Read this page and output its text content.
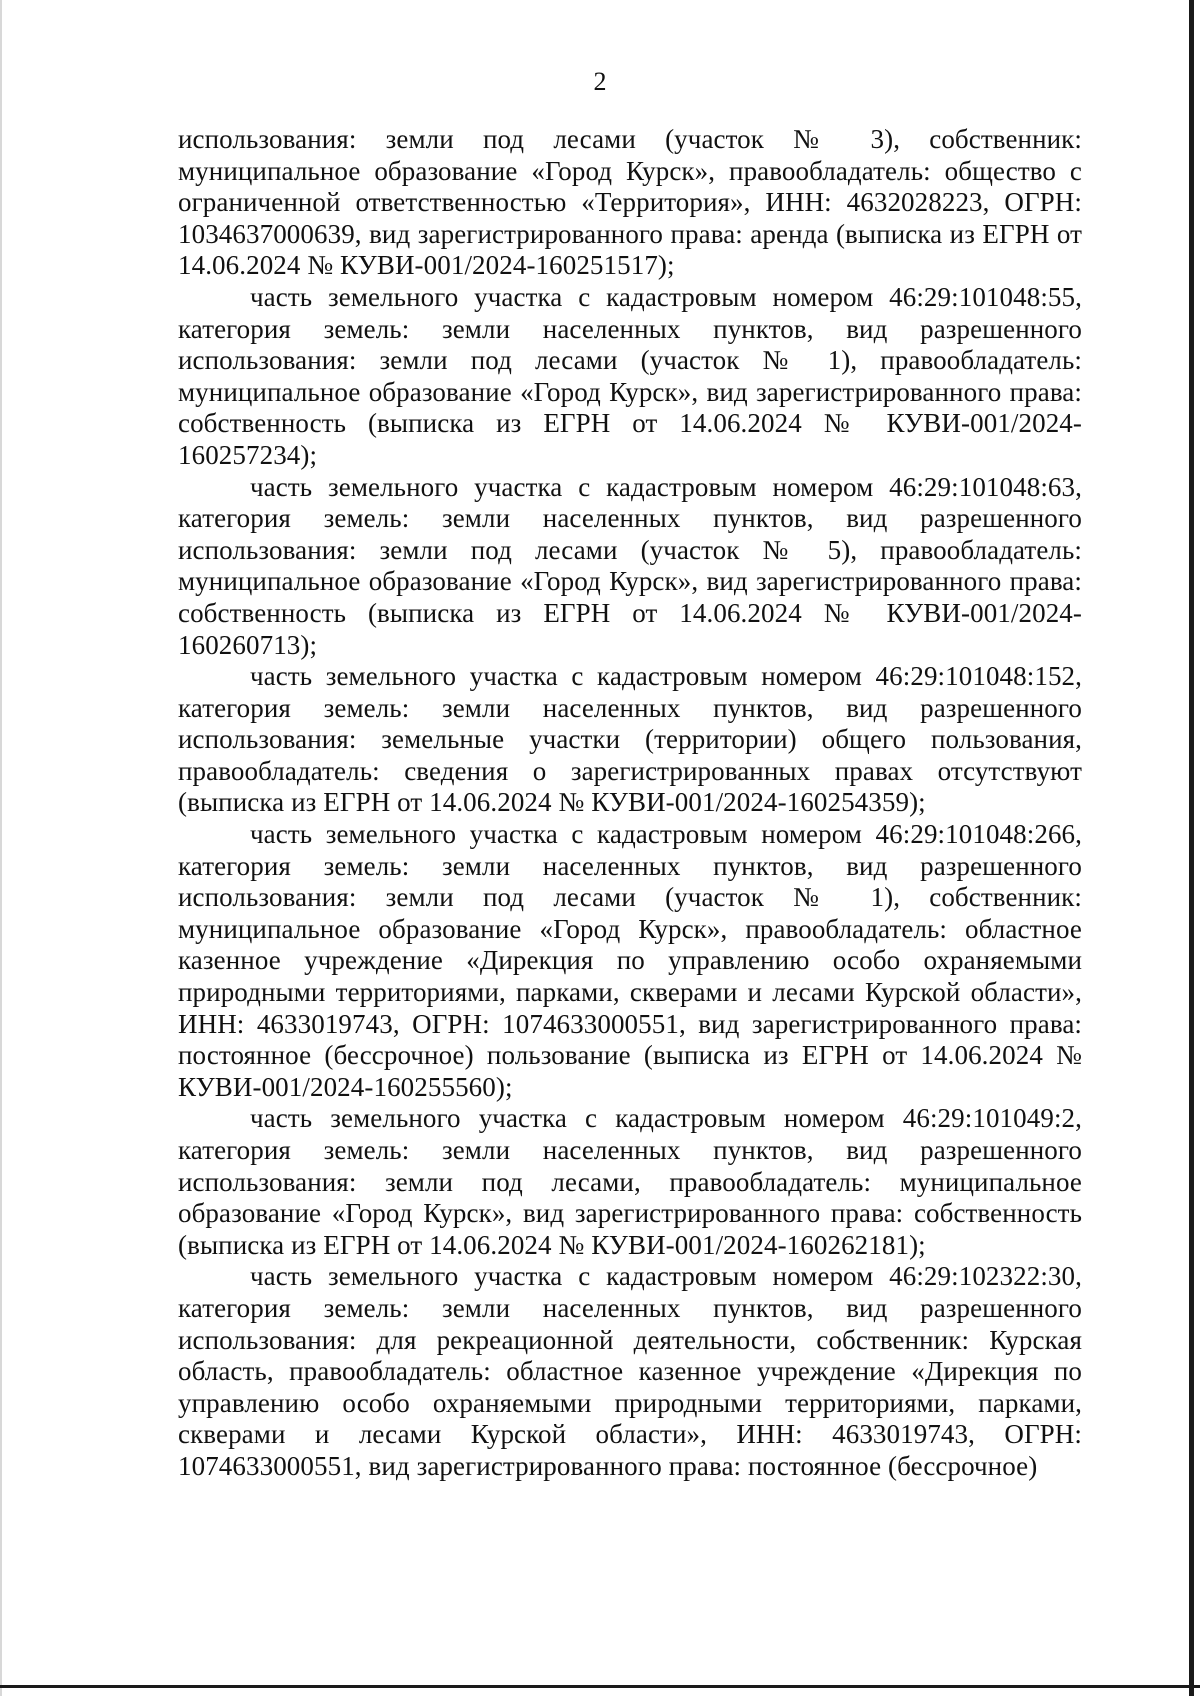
2

использования: земли под лесами (участок № 3), собственник: муниципальное образование «Город Курск», правообладатель: общество с ограниченной ответственностью «Территория», ИНН: 4632028223, ОГРН: 1034637000639, вид зарегистрированного права: аренда (выписка из ЕГРН от 14.06.2024 № КУВИ-001/2024-160251517);

часть земельного участка с кадастровым номером 46:29:101048:55, категория земель: земли населенных пунктов, вид разрешенного использования: земли под лесами (участок № 1), правообладатель: муниципальное образование «Город Курск», вид зарегистрированного права: собственность (выписка из ЕГРН от 14.06.2024 № КУВИ-001/2024-160257234);

часть земельного участка с кадастровым номером 46:29:101048:63, категория земель: земли населенных пунктов, вид разрешенного использования: земли под лесами (участок № 5), правообладатель: муниципальное образование «Город Курск», вид зарегистрированного права: собственность (выписка из ЕГРН от 14.06.2024 № КУВИ-001/2024-160260713);

часть земельного участка с кадастровым номером 46:29:101048:152, категория земель: земли населенных пунктов, вид разрешенного использования: земельные участки (территории) общего пользования, правообладатель: сведения о зарегистрированных правах отсутствуют (выписка из ЕГРН от 14.06.2024 № КУВИ-001/2024-160254359);

часть земельного участка с кадастровым номером 46:29:101048:266, категория земель: земли населенных пунктов, вид разрешенного использования: земли под лесами (участок № 1), собственник: муниципальное образование «Город Курск», правообладатель: областное казенное учреждение «Дирекция по управлению особо охраняемыми природными территориями, парками, скверами и лесами Курской области», ИНН: 4633019743, ОГРН: 1074633000551, вид зарегистрированного права: постоянное (бессрочное) пользование (выписка из ЕГРН от 14.06.2024 № КУВИ-001/2024-160255560);

часть земельного участка с кадастровым номером 46:29:101049:2, категория земель: земли населенных пунктов, вид разрешенного использования: земли под лесами, правообладатель: муниципальное образование «Город Курск», вид зарегистрированного права: собственность (выписка из ЕГРН от 14.06.2024 № КУВИ-001/2024-160262181);

часть земельного участка с кадастровым номером 46:29:102322:30, категория земель: земли населенных пунктов, вид разрешенного использования: для рекреационной деятельности, собственник: Курская область, правообладатель: областное казенное учреждение «Дирекция по управлению особо охраняемыми природными территориями, парками, скверами и лесами Курской области», ИНН: 4633019743, ОГРН: 1074633000551, вид зарегистрированного права: постоянное (бессрочное)
